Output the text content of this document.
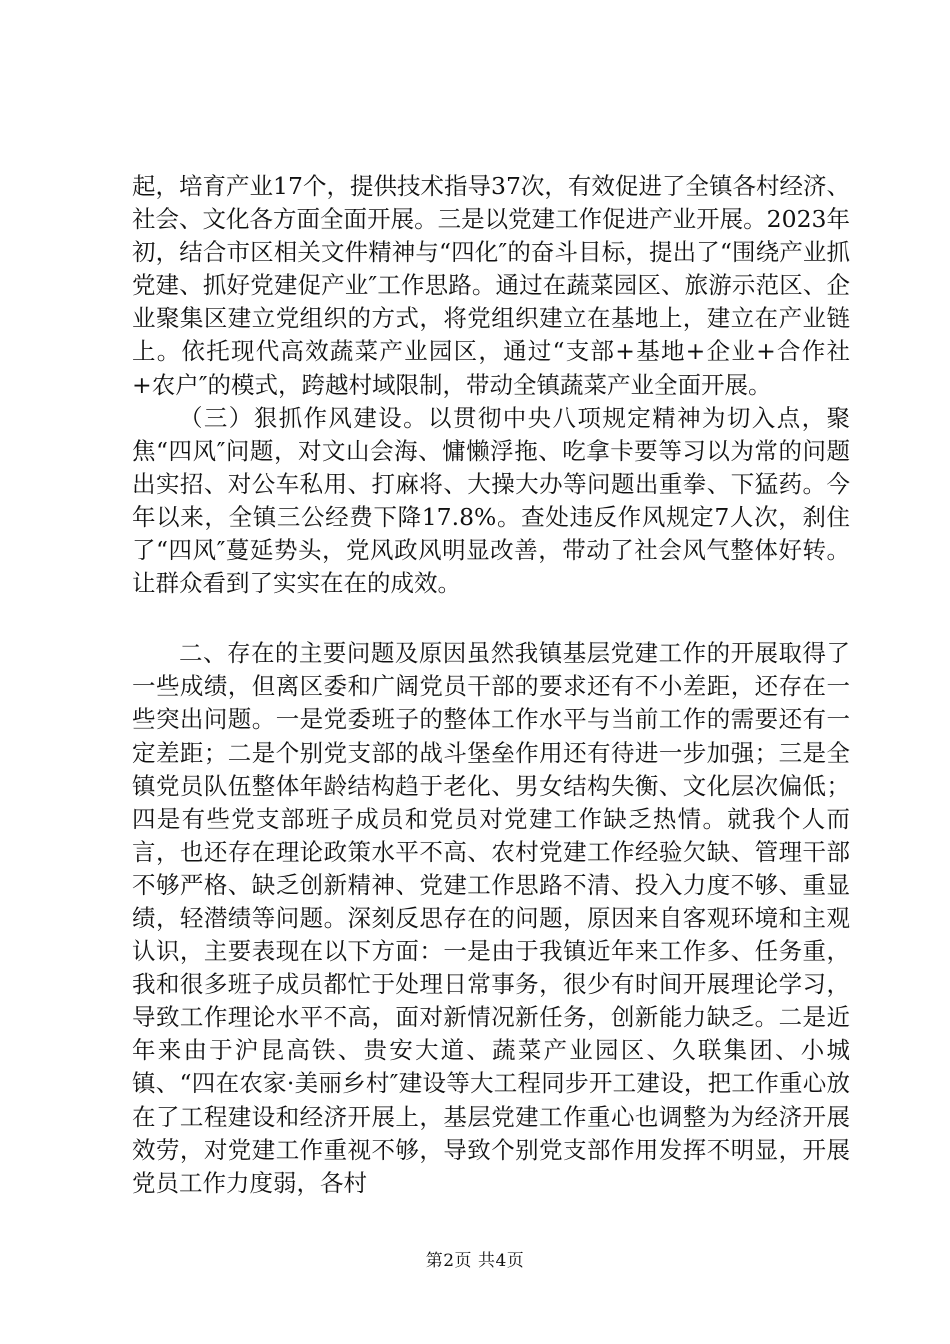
起，培育产业17个，提供技术指导37次，有效促进了全镇各村经济、社会、文化各方面全面开展。三是以党建工作促进产业开展。2023年初，结合市区相关文件精神与“四化″的奋斗目标，提出了“围绕产业抓党建、抓好党建促产业″工作思路。通过在蔬菜园区、旅游示范区、企业聚集区建立党组织的方式，将党组织建立在基地上，建立在产业链上。依托现代高效蔬菜产业园区，通过“支部+基地+企业+合作社+农户″的模式，跨越村域限制，带动全镇蔬菜产业全面开展。

（三）狠抓作风建设。以贯彻中央八项规定精神为切入点，聚焦“四风″问题，对文山会海、慵懒浮拖、吃拿卡要等习以为常的问题出实招、对公车私用、打麻将、大操大办等问题出重拳、下猛药。今年以来，全镇三公经费下降17.8%。查处违反作风规定7人次，刹住了“四风″蔓延势头，党风政风明显改善，带动了社会风气整体好转。让群众看到了实实在在的成效。

二、存在的主要问题及原因虽然我镇基层党建工作的开展取得了一些成绩，但离区委和广阔党员干部的要求还有不小差距，还存在一些突出问题。一是党委班子的整体工作水平与当前工作的需要还有一定差距；二是个别党支部的战斗堡垒作用还有待进一步加强；三是全镇党员队伍整体年龄结构趋于老化、男女结构失衡、文化层次偏低；四是有些党支部班子成员和党员对党建工作缺乏热情。就我个人而言，也还存在理论政策水平不高、农村党建工作经验欠缺、管理干部不够严格、缺乏创新精神、党建工作思路不清、投入力度不够、重显绩，轻潜绩等问题。深刻反思存在的问题，原因来自客观环境和主观认识，主要表现在以下方面：一是由于我镇近年来工作多、任务重，我和很多班子成员都忙于处理日常事务，很少有时间开展理论学习，导致工作理论水平不高，面对新情况新任务，创新能力缺乏。二是近年来由于沪昆高铁、贵安大道、蔬菜产业园区、久联集团、小城镇、“四在农家·美丽乡村″建设等大工程同步开工建设，把工作重心放在了工程建设和经济开展上，基层党建工作重心也调整为为经济开展效劳，对党建工作重视不够，导致个别党支部作用发挥不明显，开展党员工作力度弱，各村

第2页 共4页
